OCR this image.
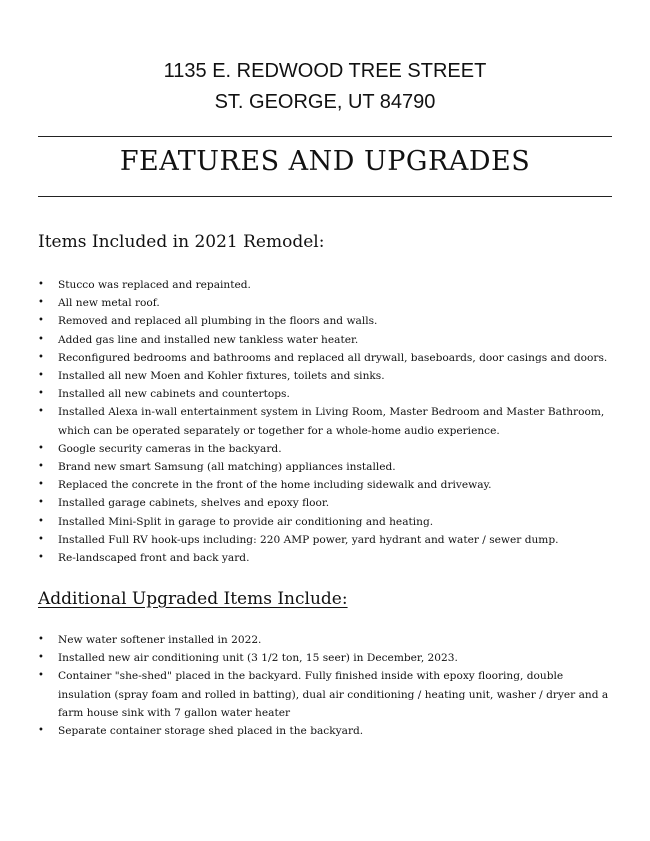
1135 E. REDWOOD TREE STREET
ST. GEORGE, UT 84790
FEATURES AND UPGRADES
Items Included in 2021 Remodel:
• Stucco was replaced and repainted.
• All new metal roof.
• Removed and replaced all plumbing in the floors and walls.
• Added gas line and installed new tankless water heater.
• Reconfigured bedrooms and bathrooms and replaced all drywall, baseboards, door casings and doors.
• Installed all new Moen and Kohler fixtures, toilets and sinks.
• Installed all new cabinets and countertops.
• Installed Alexa in-wall entertainment system in Living Room, Master Bedroom and Master Bathroom, which can be operated separately or together for a whole-home audio experience.
• Google security cameras in the backyard.
• Brand new smart Samsung (all matching) appliances installed.
• Replaced the concrete in the front of the home including sidewalk and driveway.
• Installed garage cabinets, shelves and epoxy floor.
• Installed Mini-Split in garage to provide air conditioning and heating.
• Installed Full RV hook-ups including: 220 AMP power, yard hydrant and water / sewer dump.
• Re-landscaped front and back yard.
Additional Upgraded Items Include:
• New water softener installed in 2022.
• Installed new air conditioning unit (3 1/2 ton, 15 seer) in December, 2023.
• Container "she-shed" placed in the backyard. Fully finished inside with epoxy flooring, double insulation (spray foam and rolled in batting), dual air conditioning / heating unit, washer / dryer and a farm house sink with 7 gallon water heater
• Separate container storage shed placed in the backyard.
